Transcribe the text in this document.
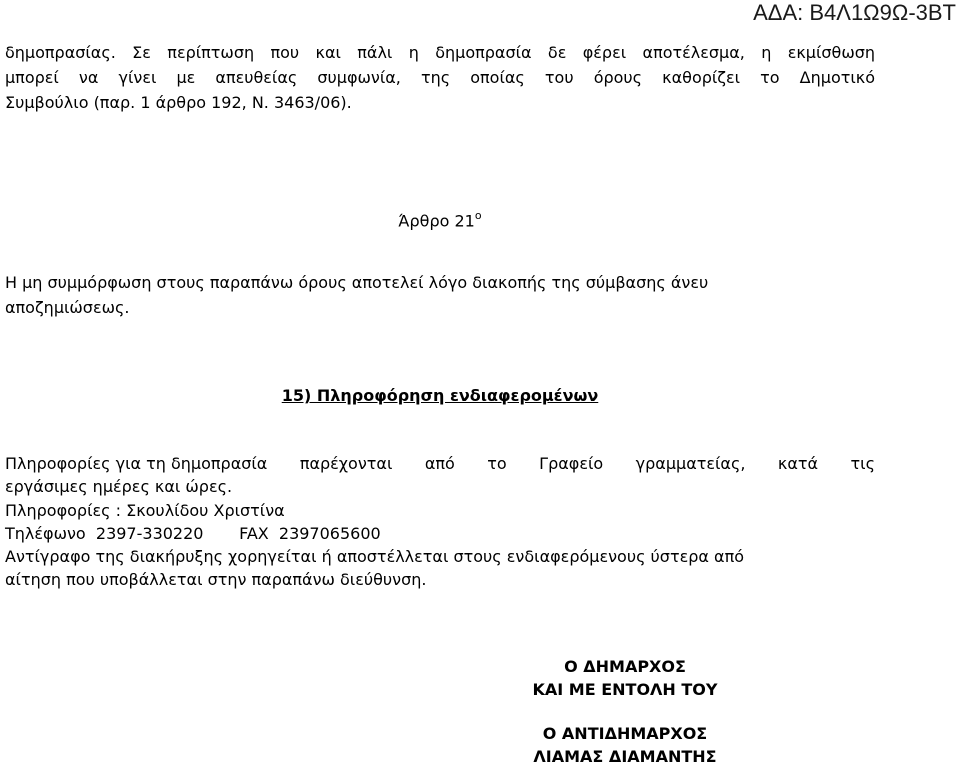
ΑΔΑ: Β4Λ1Ω9Ω-3ΒΤ
δημοπρασίας. Σε περίπτωση που και πάλι η δημοπρασία δε φέρει αποτέλεσμα, η εκμίσθωση
μπορεί να γίνει με απευθείας συμφωνία, της οποίας του όρους καθορίζει το Δημοτικό
Συμβούλιο (παρ. 1 άρθρο 192, Ν. 3463/06).
Άρθρο $21^o$
Η μη συμμόρφωση στους παραπάνω όρους αποτελεί λόγο διακοπής της σύμβασης άνευ
αποζημιώσεως.
15) Πληροφόρηση ενδιαφερομένων
Πληροφορίες για τη δημοπρασία παρέχονται από το Γραφείο γραμματείας, κατά τις
εργάσιμες ημέρες και ώρες.
Πληροφορίες : Σκουλίδου Χριστίνα
Τηλέφωνο 2397-330220 FAX 2397065600
Αντίγραφο της διακήρυξης χορηγείται ή αποστέλλεται στους ενδιαφερόμενους ύστερα από
αίτηση που υποβάλλεται στην παραπάνω διεύθυνση.
Ο ΔΗΜΑΡΧΟΣ
ΚΑΙ ΜΕ ΕΝΤΟΛΗ ΤΟΥ
Ο ΑΝΤΙΔΗΜΑΡΧΟΣ
ΛΙΑΜΑΣ ΔΙΑΜΑΝΤΗΣ
